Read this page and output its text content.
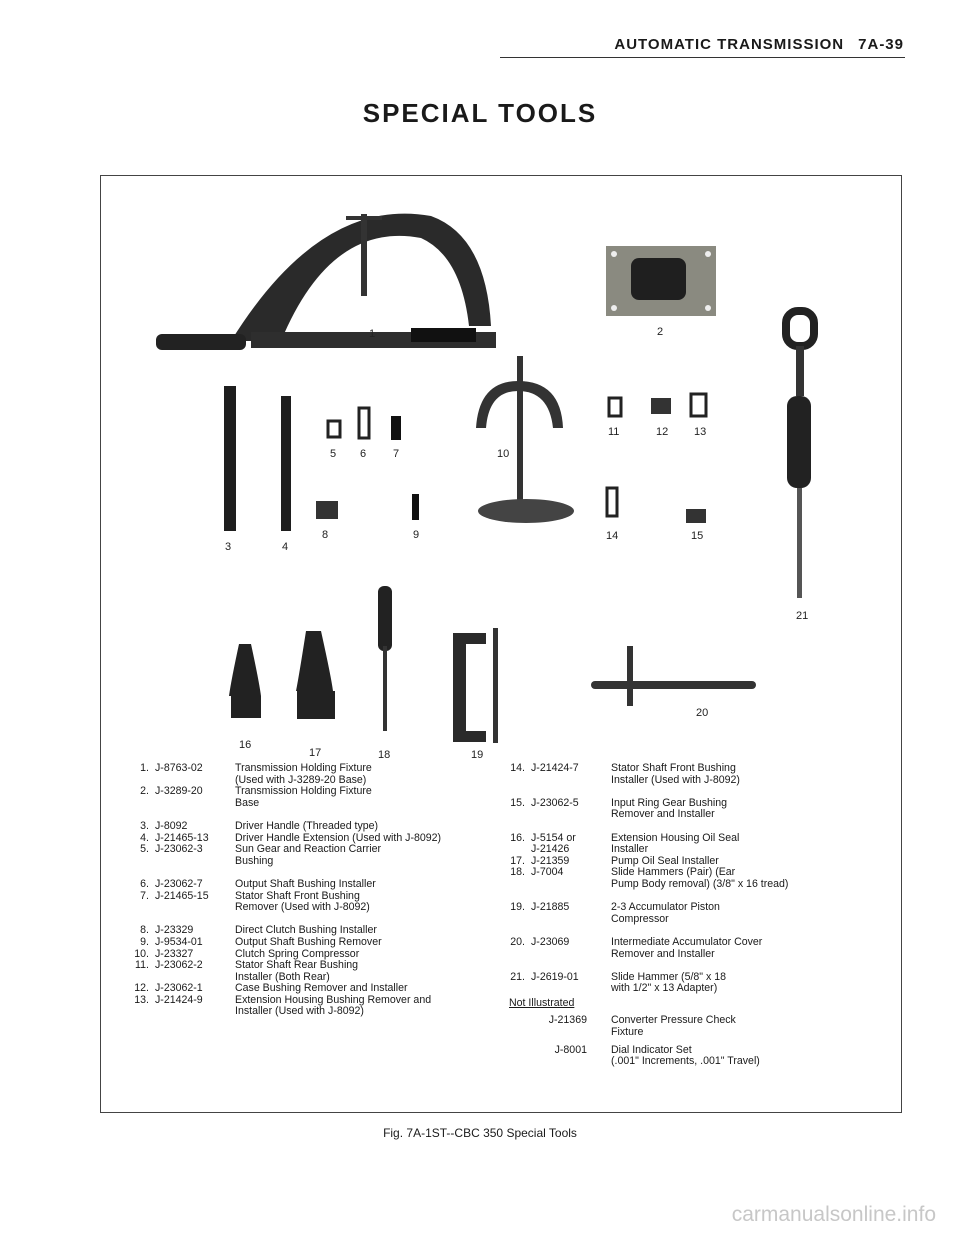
AUTOMATIC TRANSMISSION 7A-39
SPECIAL TOOLS
1	2
3	4
5 6 7
8	9
10
11	12 13
14	15
16
17	18	19
20
21
1. J-8763-02	Transmission Holding Fixture
(Used with J-3289-20 Base)
2. J-3289-20	Transmission Holding Fixture
Base
3. J-8092	Driver Handle (Threaded type)
4. J-21465-13	Driver Handle Extension (Used with J-8092)
5. J-23062-3	Sun Gear and Reaction Carrier
Bushing
6. J-23062-7	Output Shaft Bushing Installer
7. J-21465-15	Stator Shaft Front Bushing
Remover (Used with J-8092)
8. J-23329	Direct Clutch Bushing Installer
9. J-9534-01	Output Shaft Bushing Remover
10. J-23327	Clutch Spring Compressor
11. J-23062-2	Stator Shaft Rear Bushing
Installer (Both Rear)
12. J-23062-1	Case Bushing Remover and Installer
13. J-21424-9	Extension Housing Bushing Remover and
Installer (Used with J-8092)
14. J-21424-7	Stator Shaft Front Bushing
Installer (Used with J-8092)
15. J-23062-5	Input Ring Gear Bushing
Remover and Installer
16. J-5154 or	Extension Housing Oil Seal
J-21426	Installer
17. J-21359	Pump Oil Seal Installer
18. J-7004	Slide Hammers (Pair) (Ear
Pump Body removal) (3/8" x 16 tread)
19. J-21885	2-3 Accumulator Piston
Compressor
20. J-23069	Intermediate Accumulator Cover
Remover and Installer
21. J-2619-01	Slide Hammer (5/8" x 18
with 1/2" x 13 Adapter)
Not Illustrated
J-21369	Converter Pressure Check
Fixture
J-8001	Dial Indicator Set
(.001" Increments, .001" Travel)
Fig. 7A-1ST--CBC 350 Special Tools
carmanualsonline.info
